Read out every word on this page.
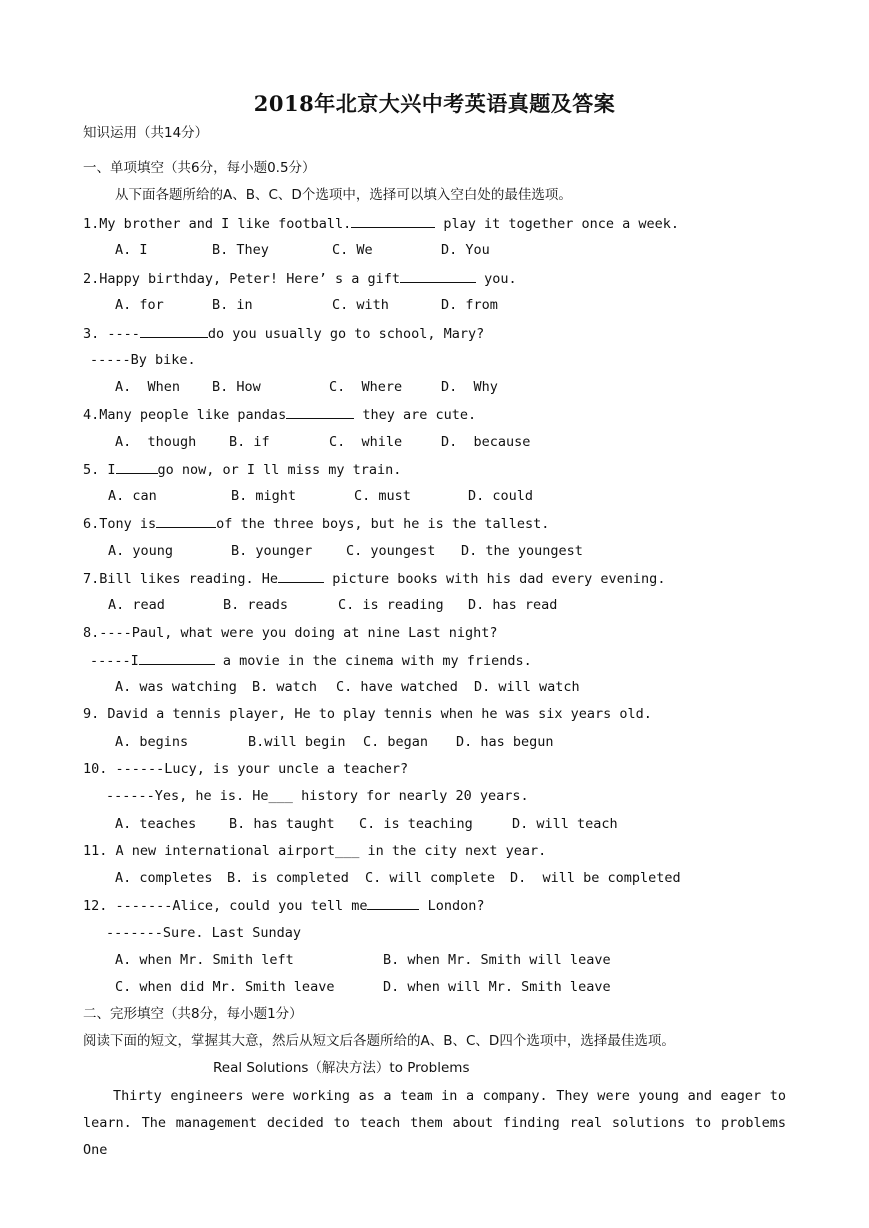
2018年北京大兴中考英语真题及答案
知识运用（共14分）
一、单项填空（共6分，每小题0.5分）
从下面各题所给的A、B、C、D个选项中，选择可以填入空白处的最佳选项。
1.My brother and I like football.	play it together once a week.
A. I	B. They	C. We	D. You
2.Happy birthday, Peter! Here’ s a gift	you.
A. for	B. in	C. with	D. from
3. ----	do you usually go to school, Mary?
-----By bike.
A.  When B. How	C.  Where	D.  Why
4.Many people like pandas	they are cute.
A.  though B. if	C.  while	D.  because
5. I	go now, or I ll miss my train.
A. can	B. might	C. must	D. could
6.Tony is	of the three boys, but he is the tallest.
A. young	B. younger C. youngest D. the youngest
7.Bill likes reading. He	picture books with his dad every evening.
A. read	B. reads	C. is reading D. has read
8.----Paul, what were you doing at nine Last night?
-----I	a movie in the cinema with my friends.
A. was watching B. watch C. have watched D. will watch
9. David a tennis player, He to play tennis when he was six years old.
A. begins	B.will begin C. began D. has begun
10. ------Lucy, is your uncle a teacher?
------Yes, he is. He___ history for nearly 20 years.
A. teaches B. has taught C. is teaching	D. will teach
11. A new international airport___ in the city next year.
A. completes B. is completed C. will complete D.  will be completed
12. -------Alice, could you tell me	London?
-------Sure. Last Sunday
A. when Mr. Smith left	B. when Mr. Smith will leave
C. when did Mr. Smith leave	D. when will Mr. Smith leave
二、完形填空（共8分，每小题1分）
阅读下面的短文，掌握其大意，然后从短文后各题所给的A、B、C、D四个选项中，选择最佳选项。
Real Solutions（解决方法）to Problems
Thirty engineers were working as a team in a company. They were young and eager to
learn. The management decided to teach them about finding real solutions to problems One
